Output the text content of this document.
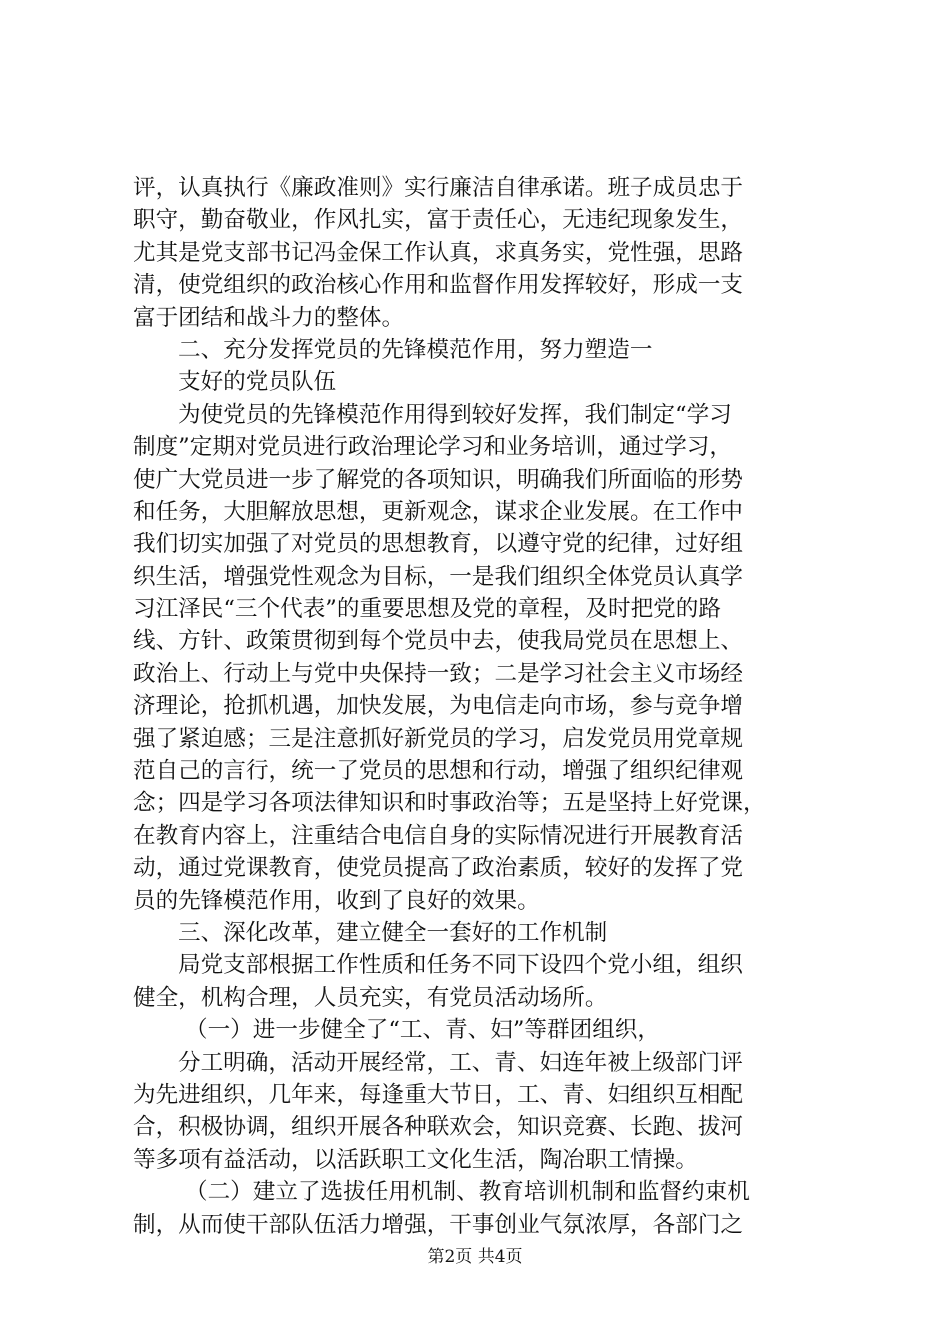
评，认真执行《廉政准则》实行廉洁自律承诺。班子成员忠于
职守，勤奋敬业，作风扎实，富于责任心，无违纪现象发生，
尤其是党支部书记冯金保工作认真，求真务实，党性强，思路
清，使党组织的政治核心作用和监督作用发挥较好，形成一支
富于团结和战斗力的整体。
二、充分发挥党员的先锋模范作用，努力塑造一
支好的党员队伍
为使党员的先锋模范作用得到较好发挥，我们制定“学习
制度”定期对党员进行政治理论学习和业务培训，通过学习，
使广大党员进一步了解党的各项知识，明确我们所面临的形势
和任务，大胆解放思想，更新观念，谋求企业发展。在工作中
我们切实加强了对党员的思想教育，以遵守党的纪律，过好组
织生活，增强党性观念为目标，一是我们组织全体党员认真学
习江泽民“三个代表”的重要思想及党的章程，及时把党的路
线、方针、政策贯彻到每个党员中去，使我局党员在思想上、
政治上、行动上与党中央保持一致；二是学习社会主义市场经
济理论，抢抓机遇，加快发展，为电信走向市场，参与竞争增
强了紧迫感；三是注意抓好新党员的学习，启发党员用党章规
范自己的言行，统一了党员的思想和行动，增强了组织纪律观
念；四是学习各项法律知识和时事政治等；五是坚持上好党课，
在教育内容上，注重结合电信自身的实际情况进行开展教育活
动，通过党课教育，使党员提高了政治素质，较好的发挥了党
员的先锋模范作用，收到了良好的效果。
三、深化改革，建立健全一套好的工作机制
局党支部根据工作性质和任务不同下设四个党小组，组织
健全，机构合理，人员充实，有党员活动场所。
（一）进一步健全了“工、青、妇”等群团组织，
分工明确，活动开展经常，工、青、妇连年被上级部门评
为先进组织，几年来，每逢重大节日，工、青、妇组织互相配
合，积极协调，组织开展各种联欢会，知识竞赛、长跑、拔河
等多项有益活动，以活跃职工文化生活，陶冶职工情操。
（二）建立了选拔任用机制、教育培训机制和监督约束机
制，从而使干部队伍活力增强，干事创业气氛浓厚，各部门之
第2页 共4页
